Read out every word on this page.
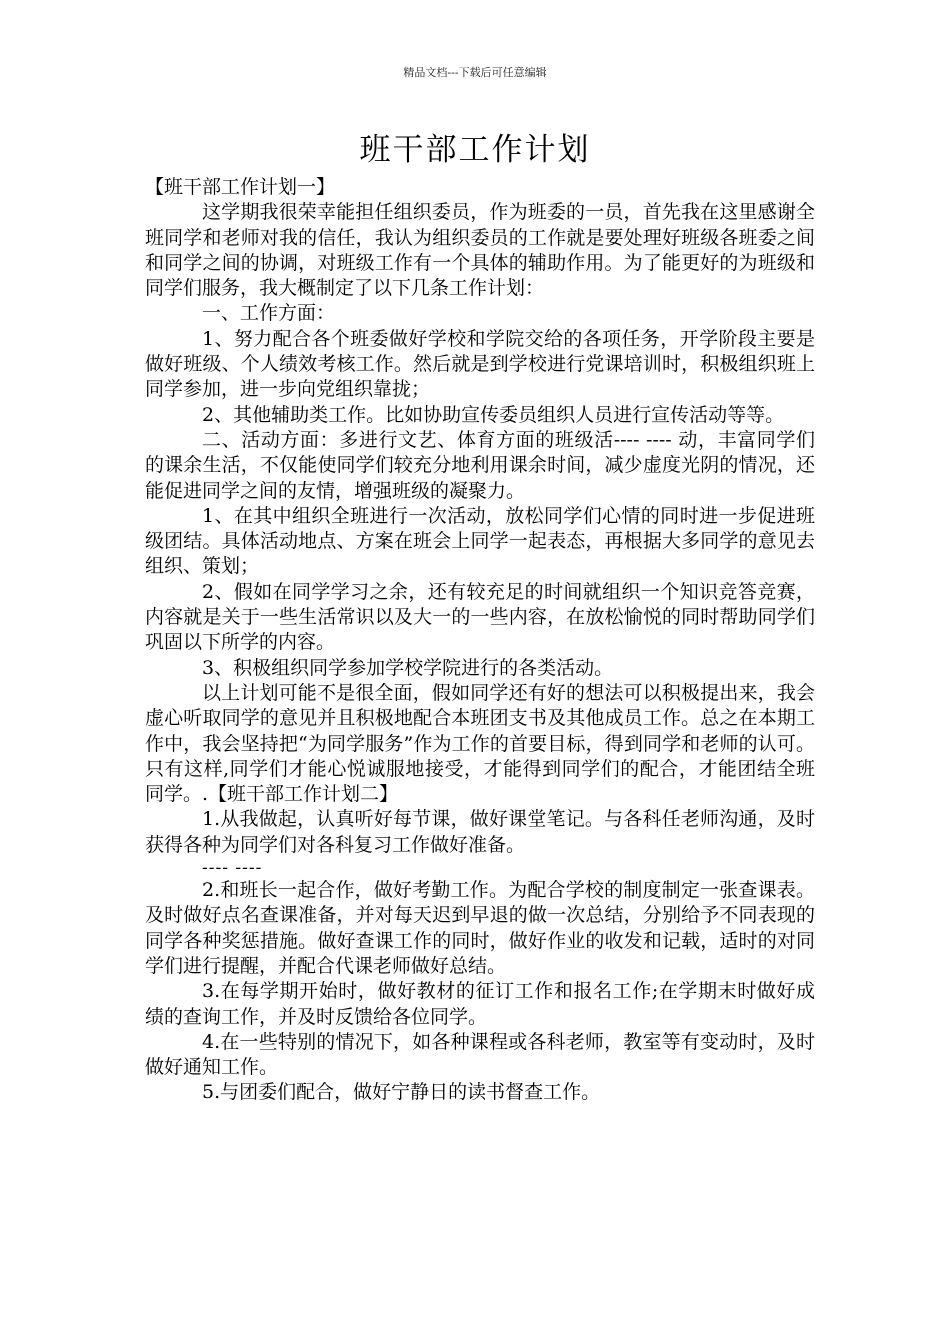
精品文档---下载后可任意编辑
班干部工作计划

【班干部工作计划一】

这学期我很荣幸能担任组织委员，作为班委的一员，首先我在这里感谢全班同学和老师对我的信任，我认为组织委员的工作就是要处理好班级各班委之间和同学之间的协调，对班级工作有一个具体的辅助作用。为了能更好的为班级和同学们服务，我大概制定了以下几条工作计划：

一、工作方面：

1、努力配合各个班委做好学校和学院交给的各项任务，开学阶段主要是做好班级、个人绩效考核工作。然后就是到学校进行党课培训时，积极组织班上同学参加，进一步向党组织靠拢；

2、其他辅助类工作。比如协助宣传委员组织人员进行宣传活动等等。

二、活动方面：多进行文艺、体育方面的班级活---- ---- 动，丰富同学们的课余生活，不仅能使同学们较充分地利用课余时间，减少虚度光阴的情况，还能促进同学之间的友情，增强班级的凝聚力。

1、在其中组织全班进行一次活动，放松同学们心情的同时进一步促进班级团结。具体活动地点、方案在班会上同学一起表态，再根据大多同学的意见去组织、策划；

2、假如在同学学习之余，还有较充足的时间就组织一个知识竞答竞赛，内容就是关于一些生活常识以及大一的一些内容，在放松愉悦的同时帮助同学们巩固以下所学的内容。

3、积极组织同学参加学校学院进行的各类活动。

以上计划可能不是很全面，假如同学还有好的想法可以积极提出来，我会虚心听取同学的意见并且积极地配合本班团支书及其他成员工作。总之在本期工作中，我会坚持把“为同学服务”作为工作的首要目标，得到同学和老师的认可。只有这样,同学们才能心悦诚服地接受，才能得到同学们的配合，才能团结全班同学。.【班干部工作计划二】

1.从我做起，认真听好每节课，做好课堂笔记。与各科任老师沟通，及时获得各种为同学们对各科复习工作做好准备。

---- ----

2.和班长一起合作，做好考勤工作。为配合学校的制度制定一张查课表。及时做好点名查课准备，并对每天迟到早退的做一次总结，分别给予不同表现的同学各种奖惩措施。做好查课工作的同时，做好作业的收发和记载，适时的对同学们进行提醒，并配合代课老师做好总结。

3.在每学期开始时，做好教材的征订工作和报名工作;在学期末时做好成绩的查询工作，并及时反馈给各位同学。

4.在一些特别的情况下，如各种课程或各科老师，教室等有变动时，及时做好通知工作。

5.与团委们配合，做好宁静日的读书督查工作。
